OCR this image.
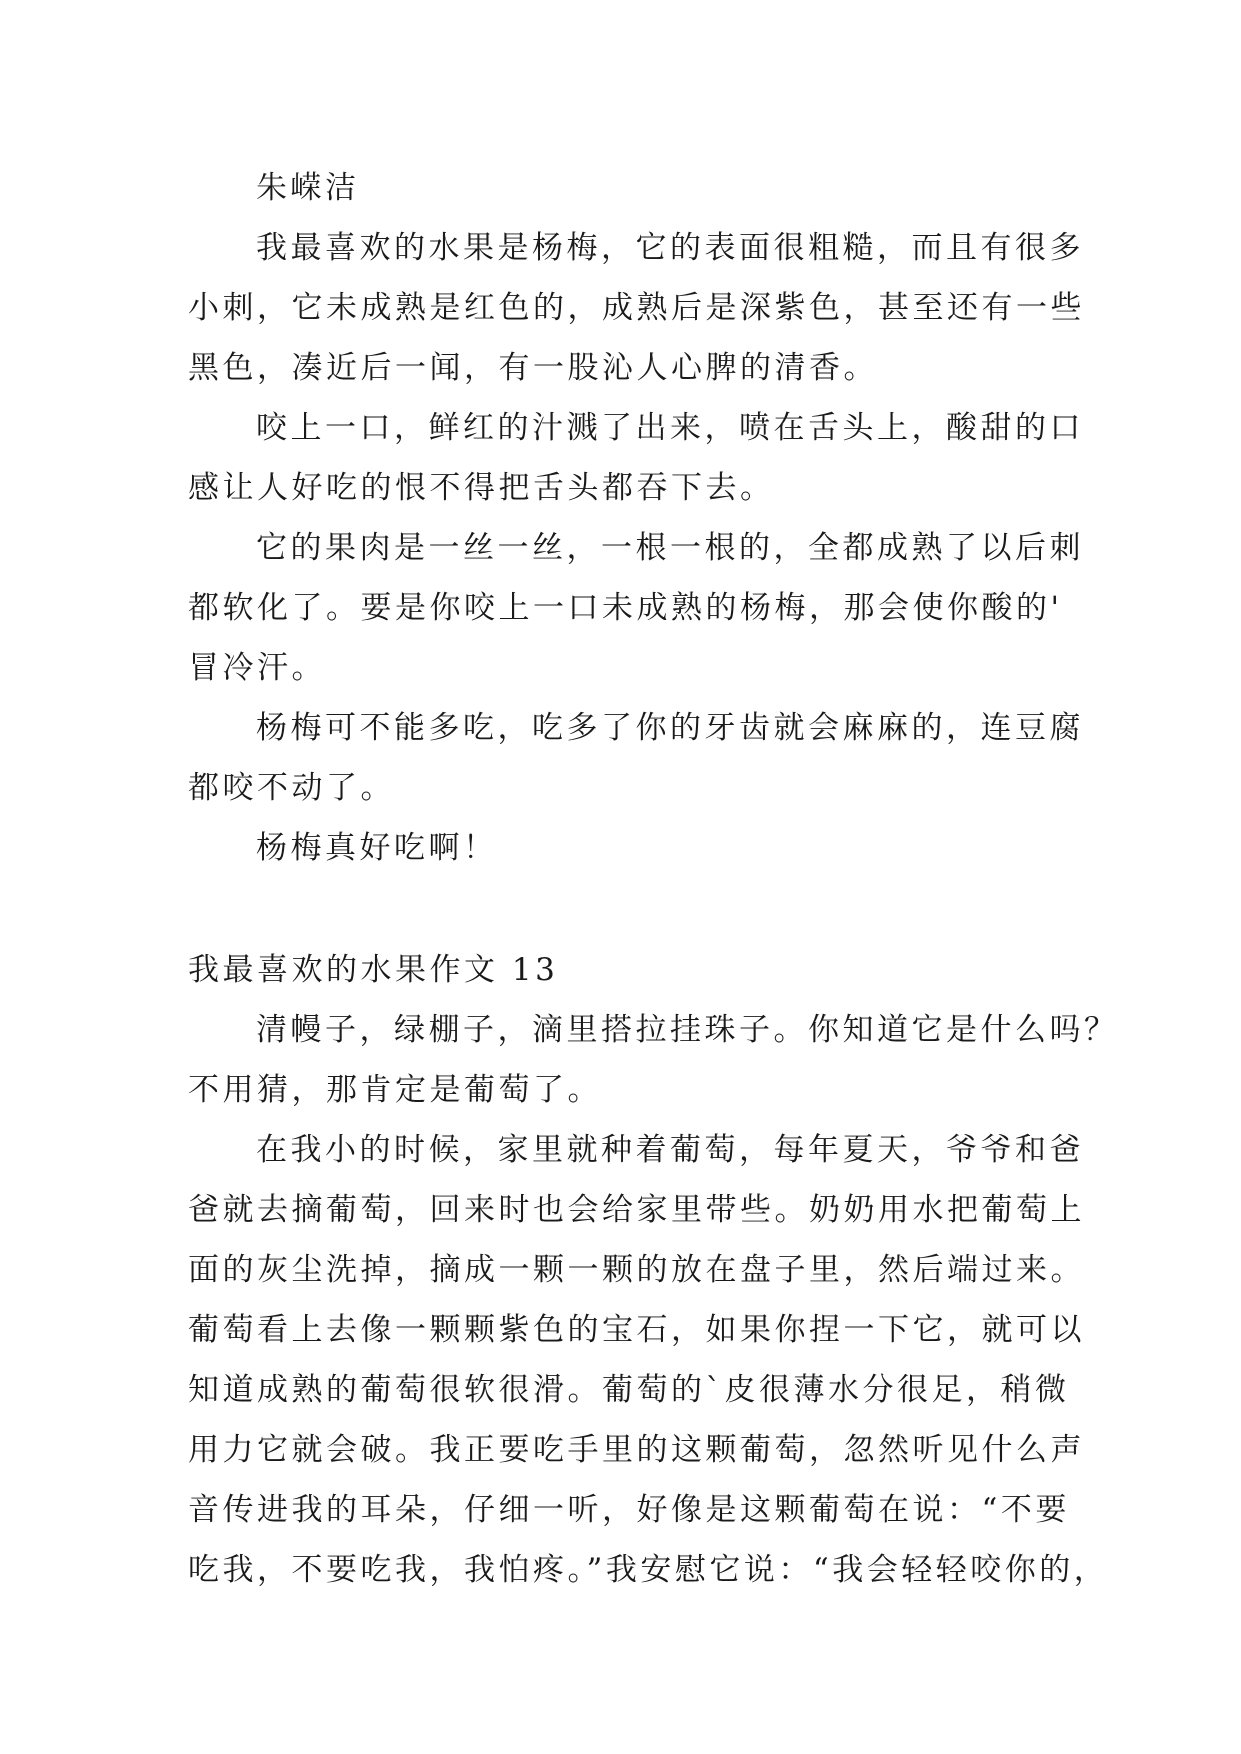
朱嵘洁
我最喜欢的水果是杨梅，它的表面很粗糙，而且有很多
小刺，它未成熟是红色的，成熟后是深紫色，甚至还有一些
黑色，凑近后一闻，有一股沁人心脾的清香。
咬上一口，鲜红的汁溅了出来，喷在舌头上，酸甜的口
感让人好吃的恨不得把舌头都吞下去。
它的果肉是一丝一丝，一根一根的，全都成熟了以后刺
都软化了。要是你咬上一口未成熟的杨梅，那会使你酸的'
冒冷汗。
杨梅可不能多吃，吃多了你的牙齿就会麻麻的，连豆腐
都咬不动了。
杨梅真好吃啊！
我最喜欢的水果作文 13
清幔子，绿棚子，滴里搭拉挂珠子。你知道它是什么吗？
不用猜，那肯定是葡萄了。
在我小的时候，家里就种着葡萄，每年夏天，爷爷和爸
爸就去摘葡萄，回来时也会给家里带些。奶奶用水把葡萄上
面的灰尘洗掉，摘成一颗一颗的放在盘子里，然后端过来。
葡萄看上去像一颗颗紫色的宝石，如果你捏一下它，就可以
知道成熟的葡萄很软很滑。葡萄的`皮很薄水分很足，稍微
用力它就会破。我正要吃手里的这颗葡萄，忽然听见什么声
音传进我的耳朵，仔细一听，好像是这颗葡萄在说：“不要
吃我，不要吃我，我怕疼。”我安慰它说：“我会轻轻咬你的，
